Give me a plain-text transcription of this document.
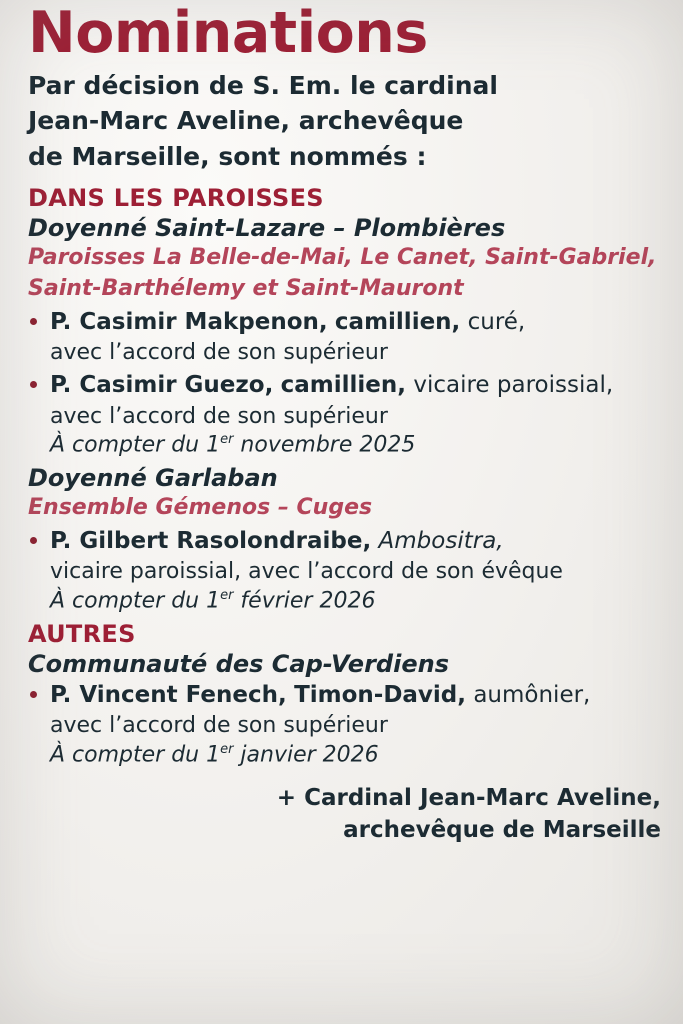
Nominations
Par décision de S. Em. le cardinal
Jean-Marc Aveline, archevêque
de Marseille, sont nommés :
DANS LES PAROISSES
Doyenné Saint-Lazare – Plombières
Paroisses La Belle-de-Mai, Le Canet, Saint-Gabriel, Saint-Barthélemy et Saint-Mauront
P. Casimir Makpenon, camillien, curé,
avec l’accord de son supérieur
P. Casimir Guezo, camillien, vicaire paroissial,
avec l’accord de son supérieur
À compter du 1er novembre 2025
Doyenné Garlaban
Ensemble Gémenos – Cuges
P. Gilbert Rasolondraibe, Ambositra,
vicaire paroissial, avec l’accord de son évêque
À compter du 1er février 2026
AUTRES
Communauté des Cap-Verdiens
P. Vincent Fenech, Timon-David, aumônier,
avec l’accord de son supérieur
À compter du 1er janvier 2026
+ Cardinal Jean-Marc Aveline,
archevêque de Marseille
